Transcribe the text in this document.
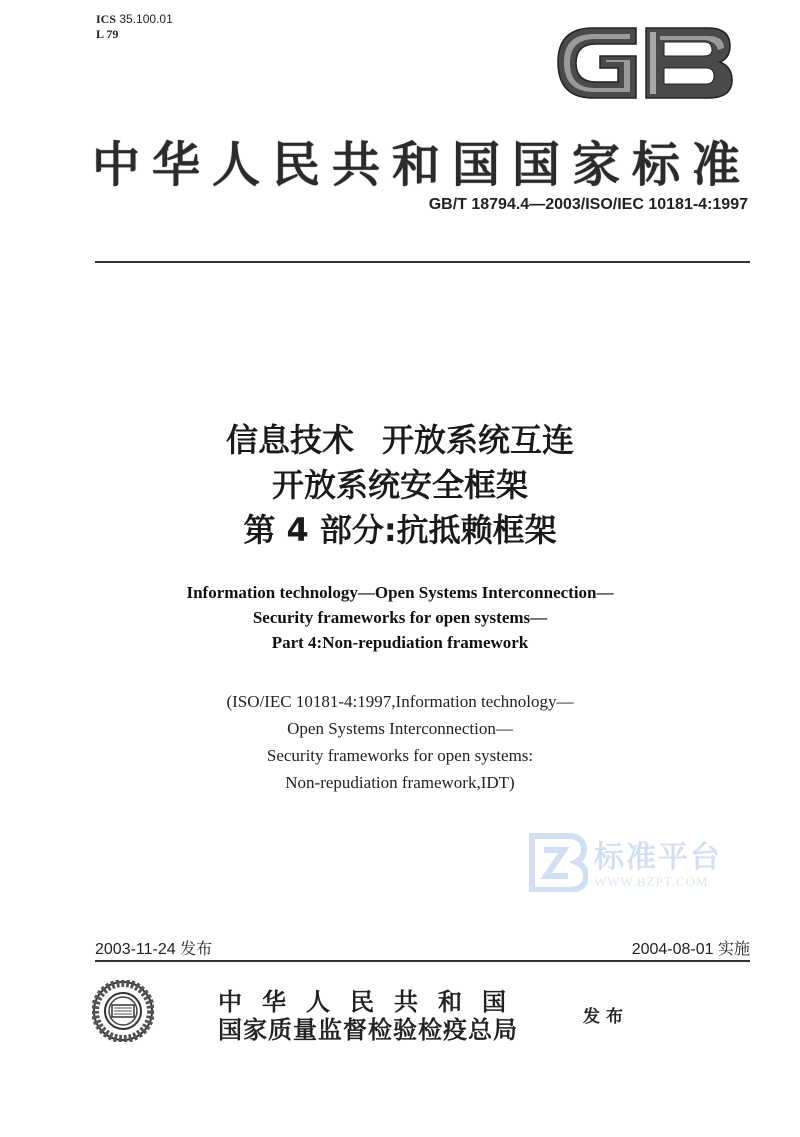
ICS 35.100.01
L 79
中华人民共和国国家标准
GB/T 18794.4—2003/ISO/IEC 10181-4:1997
信息技术 开放系统互连
开放系统安全框架
第 4 部分:抗抵赖框架
Information technology—Open Systems Interconnection—
Security frameworks for open systems—
Part 4:Non-repudiation framework
(ISO/IEC 10181-4:1997,Information technology—
Open Systems Interconnection—
Security frameworks for open systems:
Non-repudiation framework,IDT)
标准平台
WWW.BZPT.COM
2003-11-24 发布	2004-08-01 实施
中华人民共和国
国家质量监督检验检疫总局	发布
